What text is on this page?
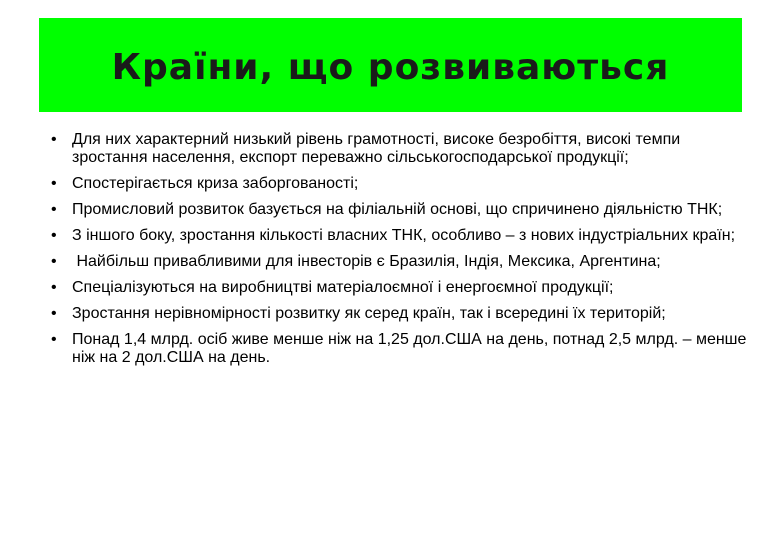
Країни, що розвиваються
• Для них характерний низький рівень грамотності, високе безробіття, високі темпи зростання населення, експорт переважно сільськогосподарської продукції;
• Спостерігається криза заборгованості;
• Промисловий розвиток базується на філіальній основі, що спричинено діяльністю ТНК;
• З іншого боку, зростання кількості власних ТНК, особливо – з нових індустріальних країн;
• Найбільш привабливими для інвесторів є Бразилія, Індія, Мексика, Аргентина;
• Спеціалізуються на виробництві матеріалоємної і енергоємної продукції;
• Зростання нерівномірності розвитку як серед країн, так і всередині їх територій;
• Понад 1,4 млрд. осіб живе менше ніж на 1,25 дол.США на день, потнад 2,5 млрд. – менше ніж на 2 дол.США на день.
